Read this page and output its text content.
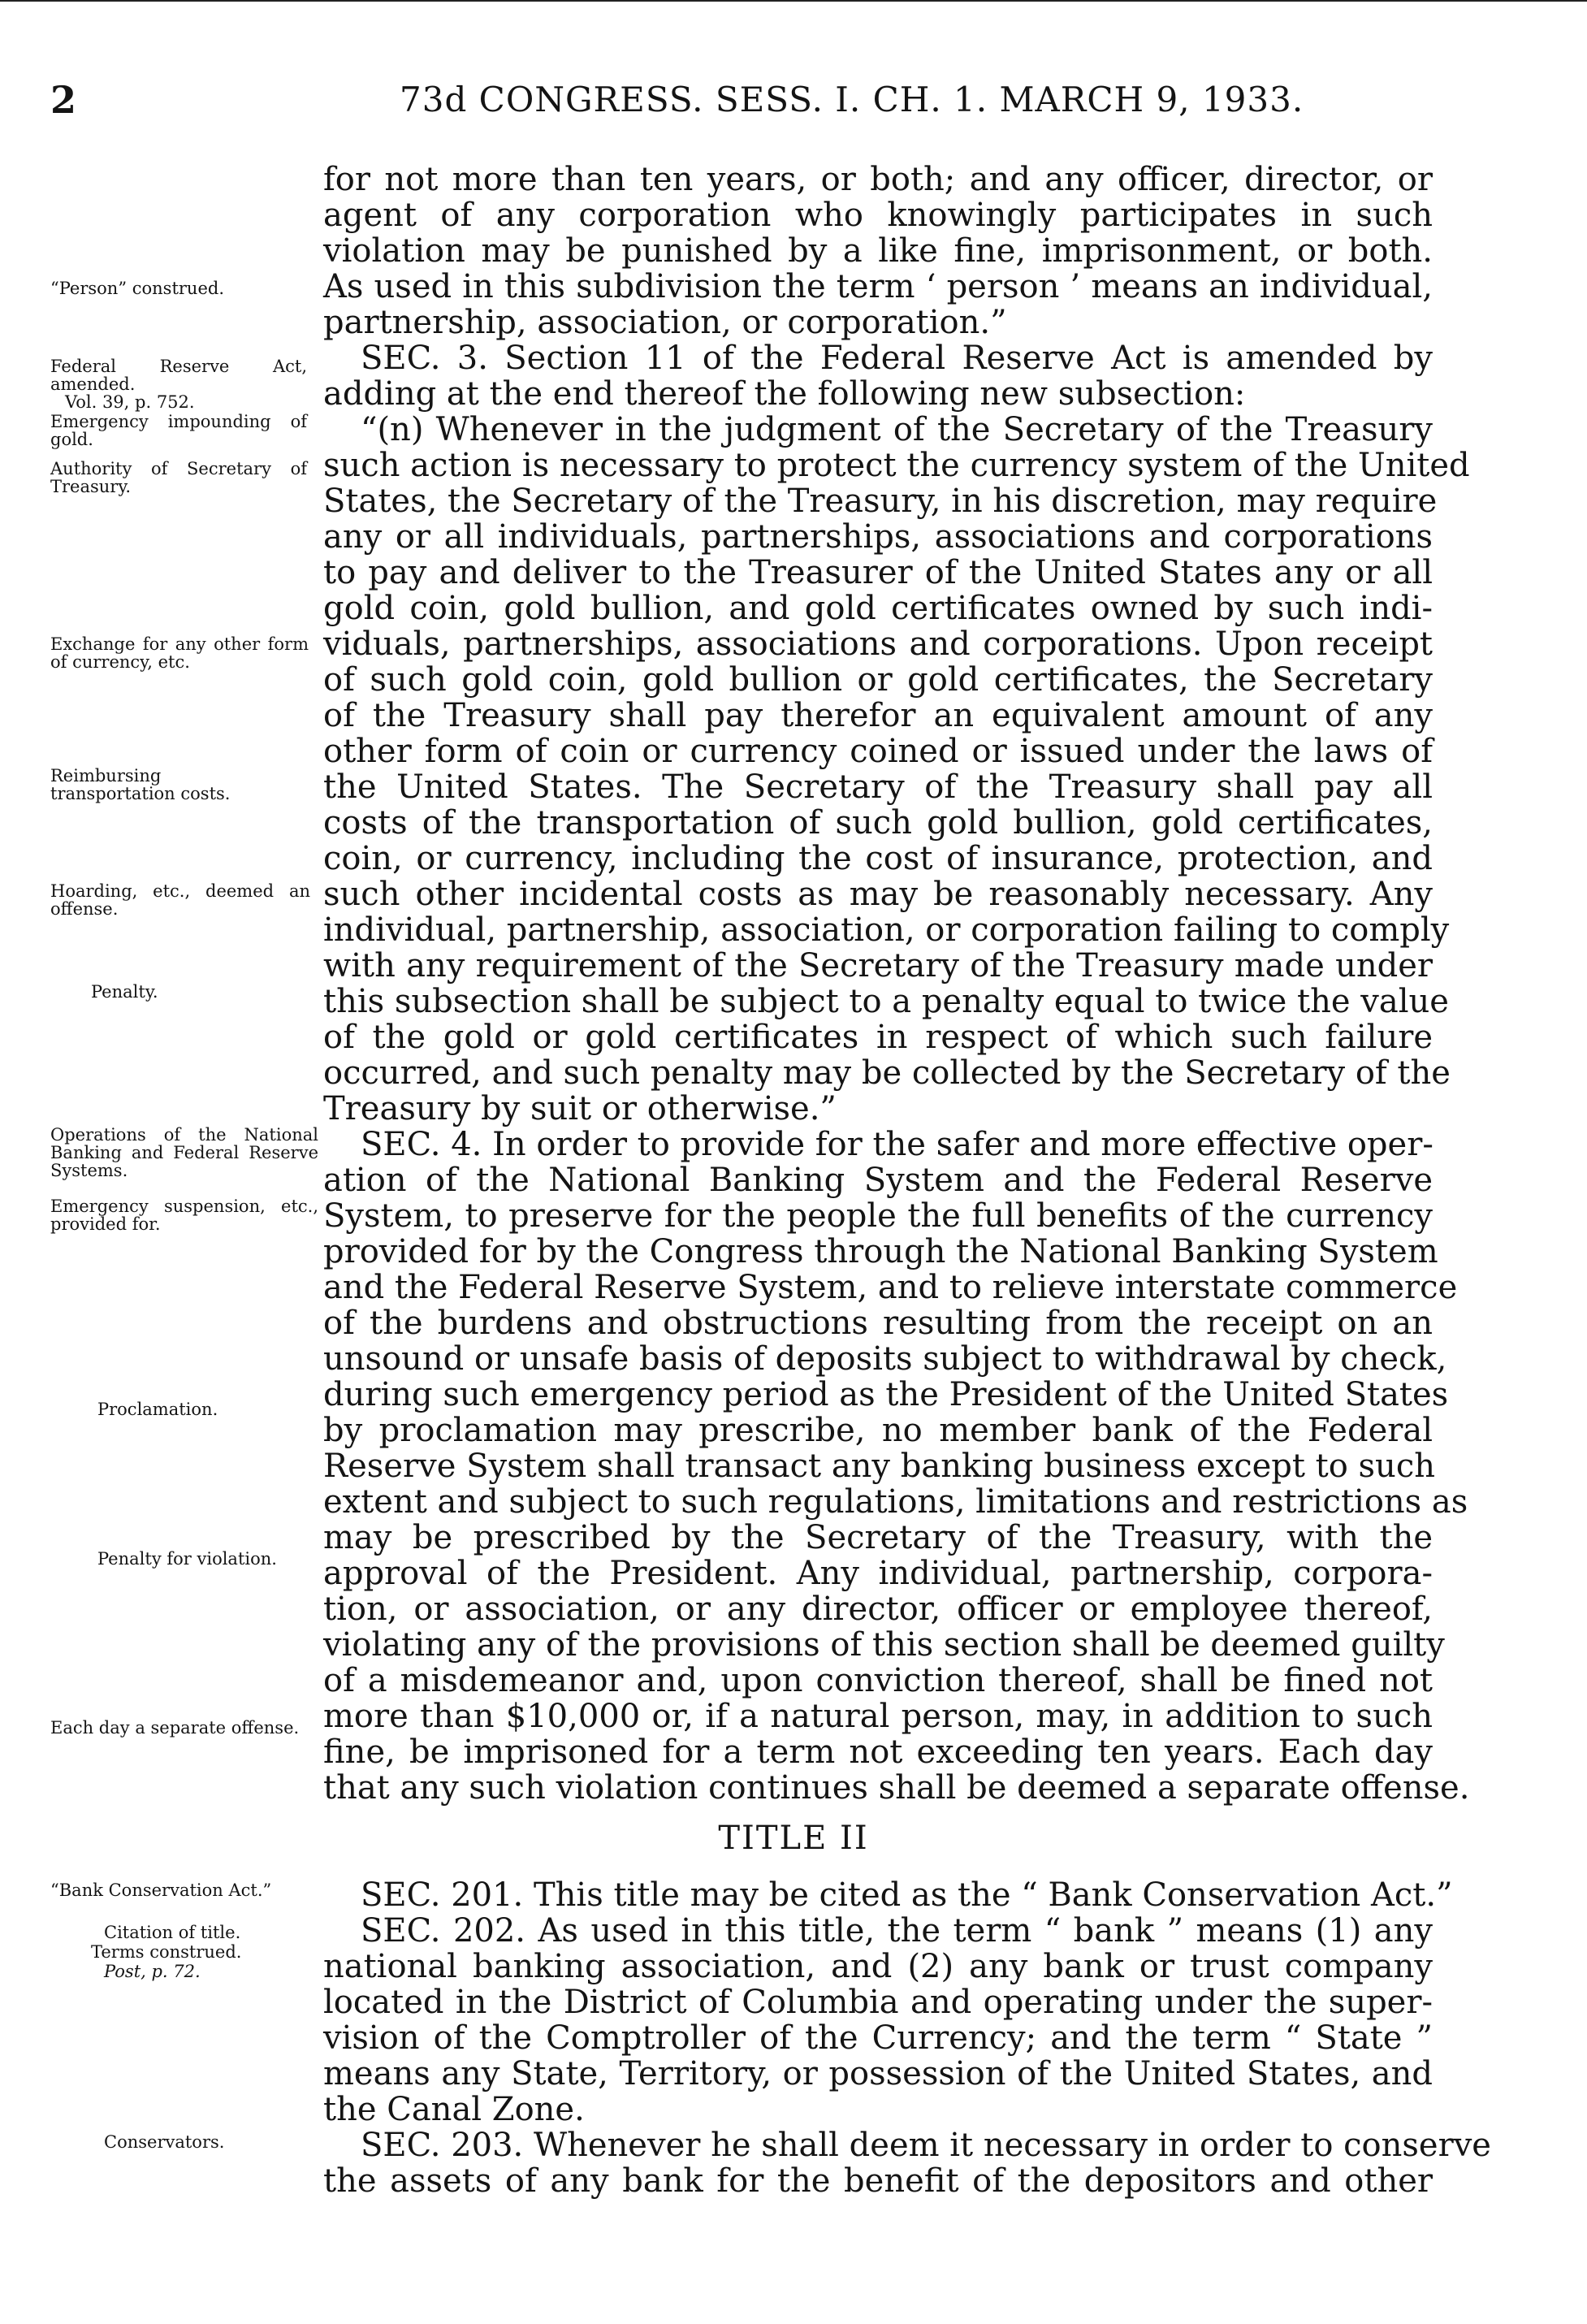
2	73d CONGRESS. SESS. I. CH. 1. MARCH 9, 1933.
“Person” construed.
Federal Reserve Act, amended.
Vol. 39, p. 752.
Emergency impounding of gold.
Authority of Secretary of Treasury.
Exchange for any other form of currency, etc.
Reimbursing transportation costs.
Hoarding, etc., deemed an offense.
Penalty.
Operations of the National Banking and Federal Reserve Systems.
Emergency suspension, etc., provided for.
Proclamation.
Penalty for violation.
Each day a separate offense.
“Bank Conservation Act.”
Citation of title.
Terms construed.
Post, p. 72.
Conservators.
for not more than ten years, or both; and any officer, director, or
agent of any corporation who knowingly participates in such
violation may be punished by a like fine, imprisonment, or both.
As used in this subdivision the term ‘ person ’ means an individual,
partnership, association, or corporation.”
SEC. 3. Section 11 of the Federal Reserve Act is amended by
adding at the end thereof the following new subsection:
“(n) Whenever in the judgment of the Secretary of the Treasury
such action is necessary to protect the currency system of the United
States, the Secretary of the Treasury, in his discretion, may require
any or all individuals, partnerships, associations and corporations
to pay and deliver to the Treasurer of the United States any or all
gold coin, gold bullion, and gold certificates owned by such indi-
viduals, partnerships, associations and corporations. Upon receipt
of such gold coin, gold bullion or gold certificates, the Secretary
of the Treasury shall pay therefor an equivalent amount of any
other form of coin or currency coined or issued under the laws of
the United States. The Secretary of the Treasury shall pay all
costs of the transportation of such gold bullion, gold certificates,
coin, or currency, including the cost of insurance, protection, and
such other incidental costs as may be reasonably necessary. Any
individual, partnership, association, or corporation failing to comply
with any requirement of the Secretary of the Treasury made under
this subsection shall be subject to a penalty equal to twice the value
of the gold or gold certificates in respect of which such failure
occurred, and such penalty may be collected by the Secretary of the
Treasury by suit or otherwise.”
SEC. 4. In order to provide for the safer and more effective oper-
ation of the National Banking System and the Federal Reserve
System, to preserve for the people the full benefits of the currency
provided for by the Congress through the National Banking System
and the Federal Reserve System, and to relieve interstate commerce
of the burdens and obstructions resulting from the receipt on an
unsound or unsafe basis of deposits subject to withdrawal by check,
during such emergency period as the President of the United States
by proclamation may prescribe, no member bank of the Federal
Reserve System shall transact any banking business except to such
extent and subject to such regulations, limitations and restrictions as
may be prescribed by the Secretary of the Treasury, with the
approval of the President. Any individual, partnership, corpora-
tion, or association, or any director, officer or employee thereof,
violating any of the provisions of this section shall be deemed guilty
of a misdemeanor and, upon conviction thereof, shall be fined not
more than $10,000 or, if a natural person, may, in addition to such
fine, be imprisoned for a term not exceeding ten years. Each day
that any such violation continues shall be deemed a separate offense.
TITLE II
SEC. 201. This title may be cited as the “ Bank Conservation Act.”
SEC. 202. As used in this title, the term “ bank ” means (1) any
national banking association, and (2) any bank or trust company
located in the District of Columbia and operating under the super-
vision of the Comptroller of the Currency; and the term “ State ”
means any State, Territory, or possession of the United States, and
the Canal Zone.
SEC. 203. Whenever he shall deem it necessary in order to conserve
the assets of any bank for the benefit of the depositors and other
